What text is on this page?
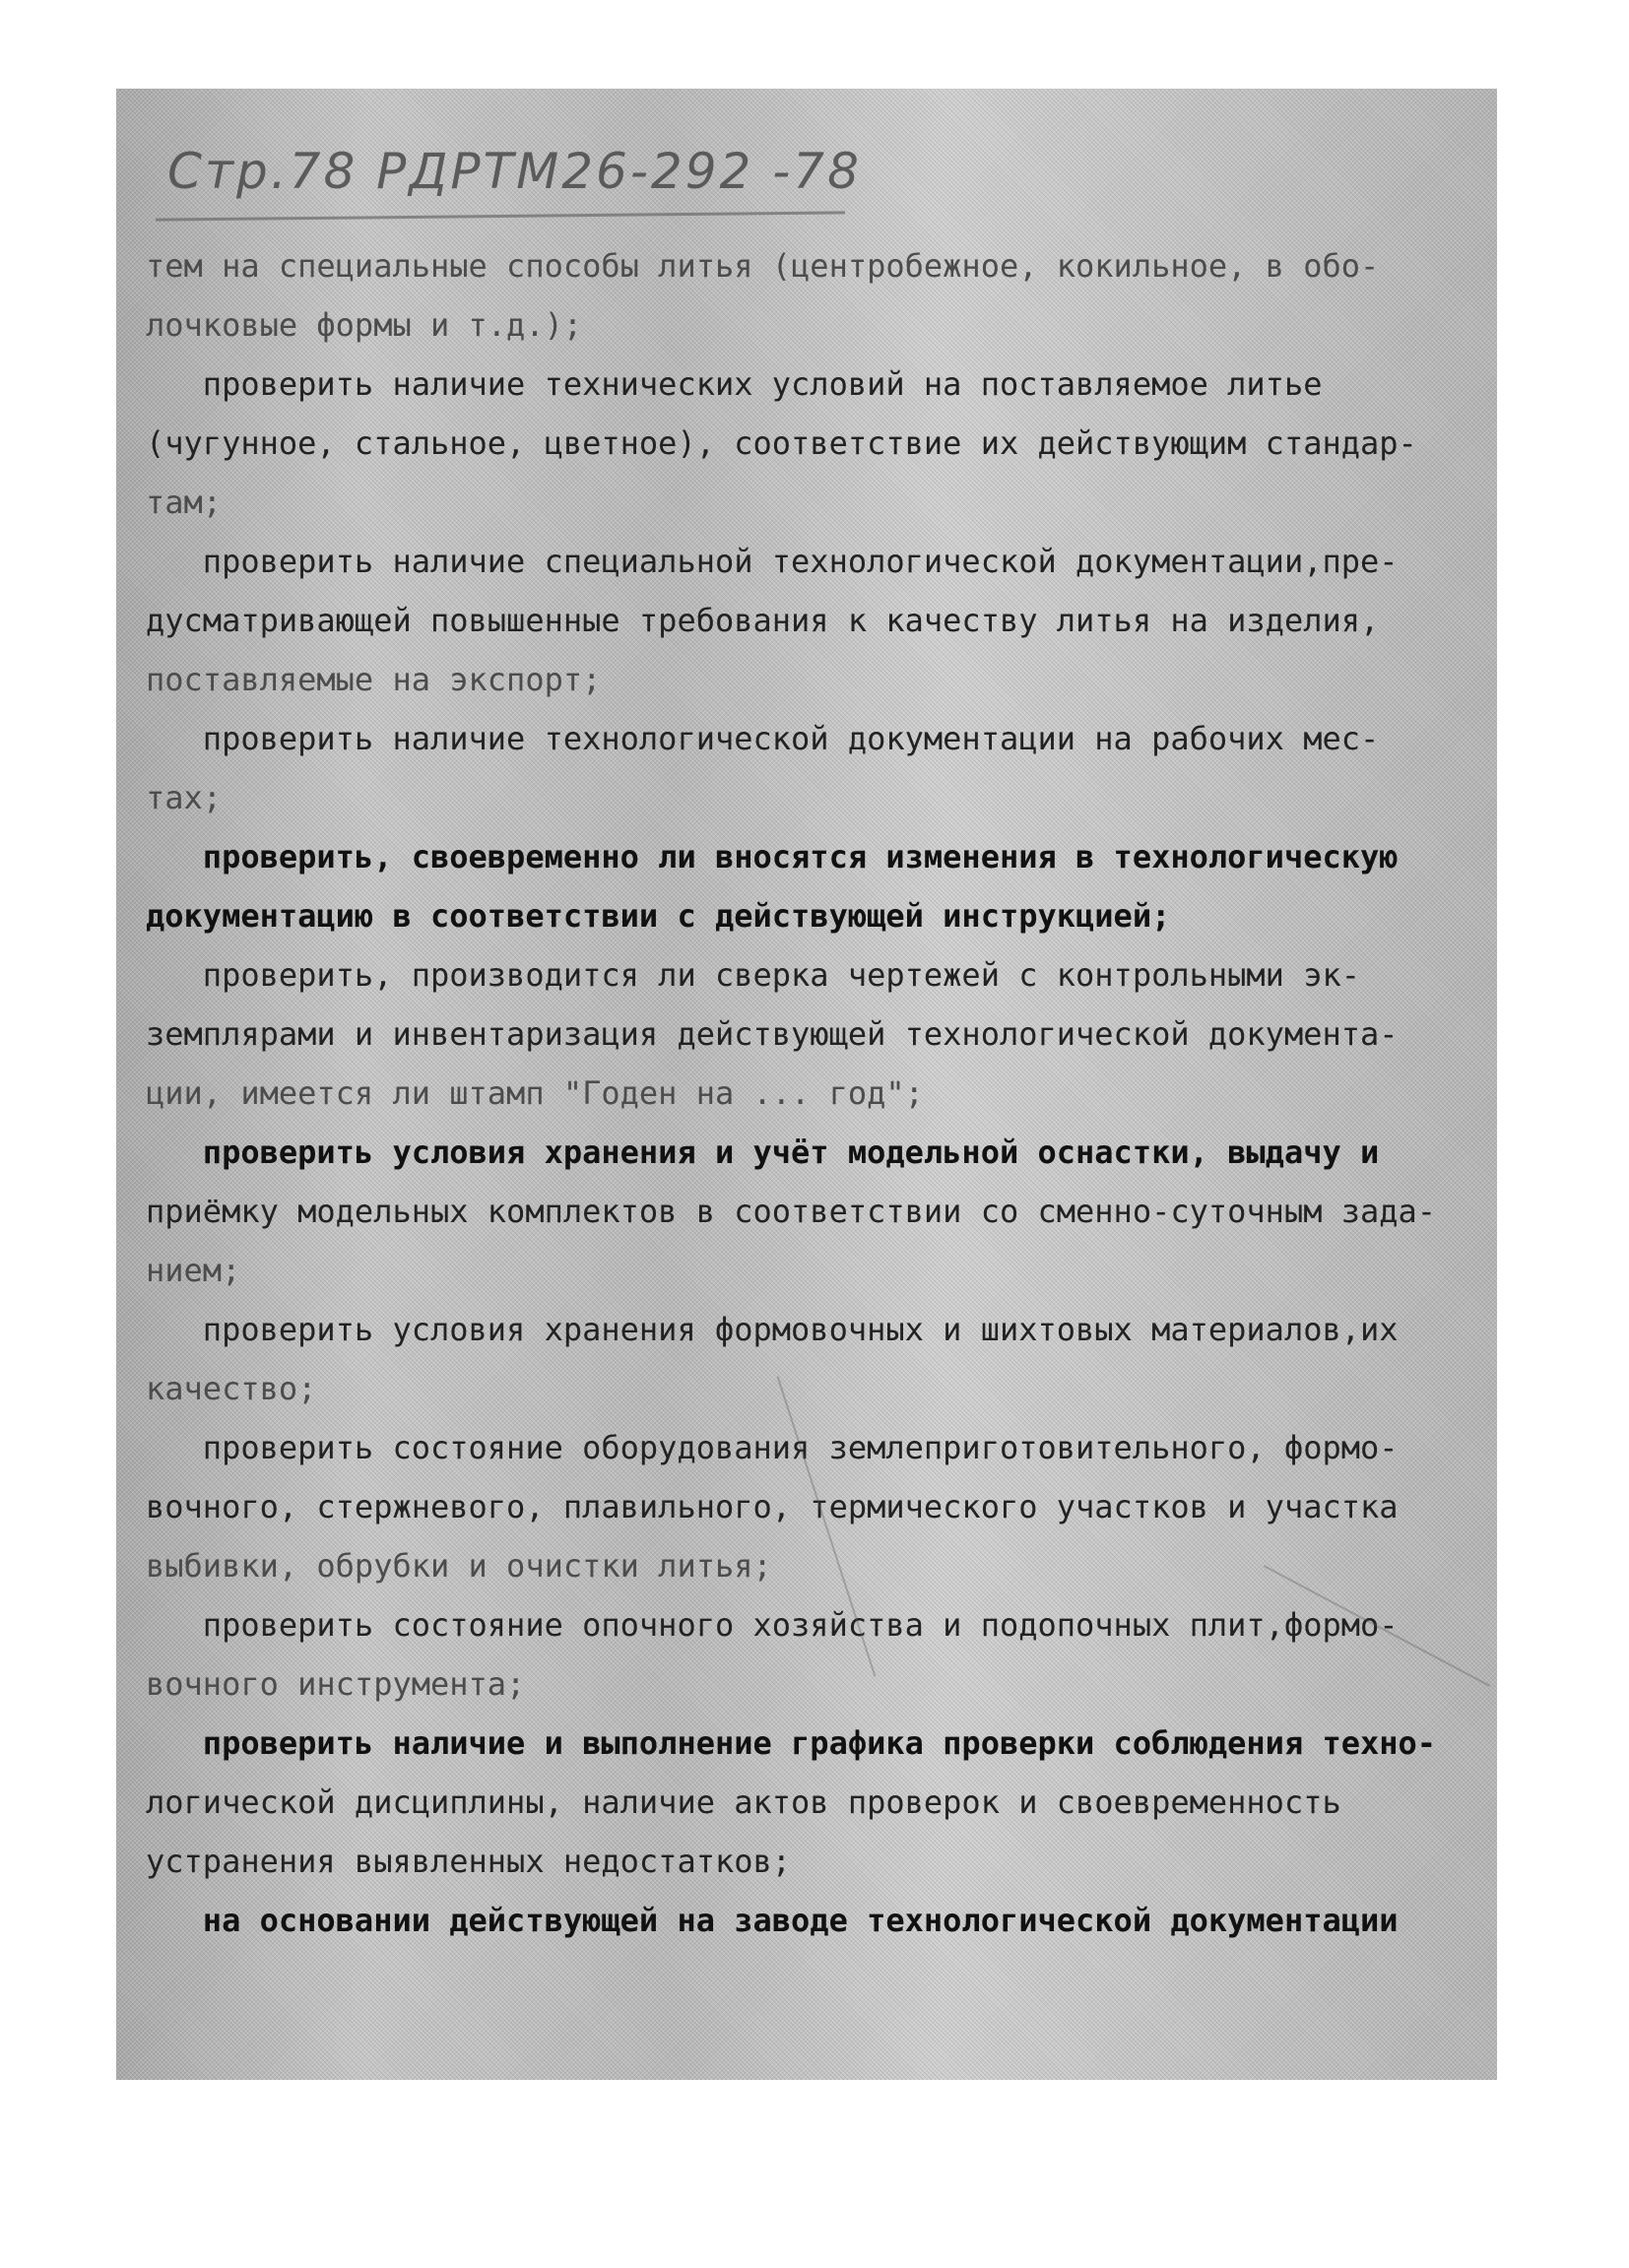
Стр.78 РДРТМ26-292 -78
тем на специальные способы литья (центробежное, кокильное, в обо-
лочковые формы и т.д.);
проверить наличие технических условий на поставляемое литье
(чугунное, стальное, цветное), соответствие их действующим стандар-
там;
проверить наличие специальной технологической документации,пре-
дусматривающей повышенные требования к качеству литья на изделия,
поставляемые на экспорт;
проверить наличие технологической документации на рабочих мес-
тах;
проверить, своевременно ли вносятся изменения в технологическую
документацию в соответствии с действующей инструкцией;
проверить, производится ли сверка чертежей с контрольными эк-
земплярами и инвентаризация действующей технологической документа-
ции, имеется ли штамп "Годен на ... год";
проверить условия хранения и учёт модельной оснастки, выдачу и
приёмку модельных комплектов в соответствии со сменно-суточным зада-
нием;
проверить условия хранения формовочных и шихтовых материалов,их
качество;
проверить состояние оборудования землеприготовительного, формо-
вочного, стержневого, плавильного, термического участков и участка
выбивки, обрубки и очистки литья;
проверить состояние опочного хозяйства и подопочных плит,формо-
вочного инструмента;
проверить наличие и выполнение графика проверки соблюдения техно-
логической дисциплины, наличие актов проверок и своевременность
устранения выявленных недостатков;
на основании действующей на заводе технологической документации
